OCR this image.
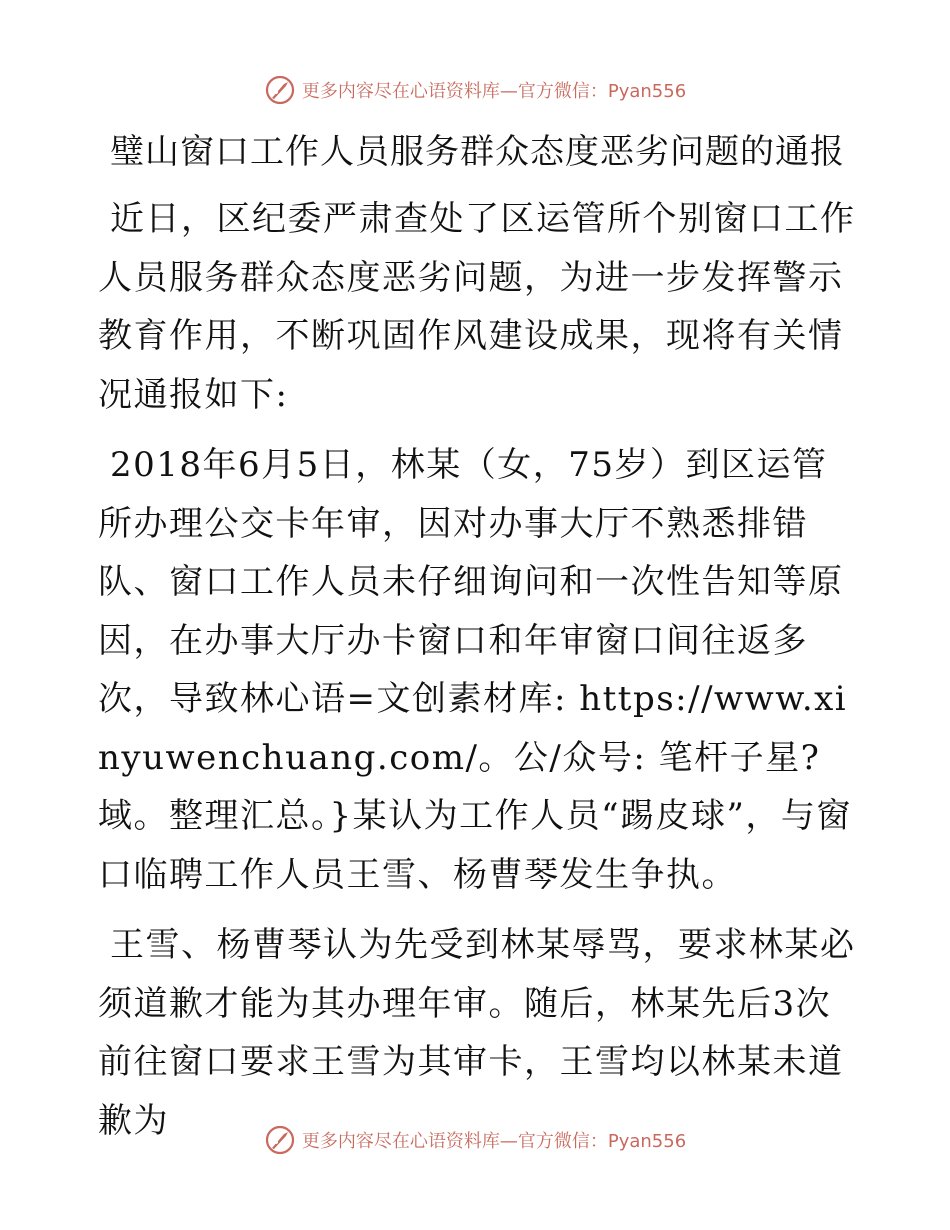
更多内容尽在心语资料库—官方微信：Pyan556
璧山窗口工作人员服务群众态度恶劣问题的通报

近日，区纪委严肃查处了区运管所个别窗口工作人员服务群众态度恶劣问题，为进一步发挥警示教育作用，不断巩固作风建设成果，现将有关情况通报如下:

2018年6月5日，林某（女，75岁）到区运管所办理公交卡年审，因对办事大厅不熟悉排错队、窗口工作人员未仔细询问和一次性告知等原因，在办事大厅办卡窗口和年审窗口间往返多次，导致林心语=文创素材库: https://www.xinyuwenchuang.com/。公/众号: 笔杆子星?域。整理汇总。}某认为工作人员“踢皮球”，与窗口临聘工作人员王雪、杨曹琴发生争执。

王雪、杨曹琴认为先受到林某辱骂，要求林某必须道歉才能为其办理年审。随后，林某先后3次前往窗口要求王雪为其审卡，王雪均以林某未道歉为

更多内容尽在心语资料库—官方微信：Pyan556
